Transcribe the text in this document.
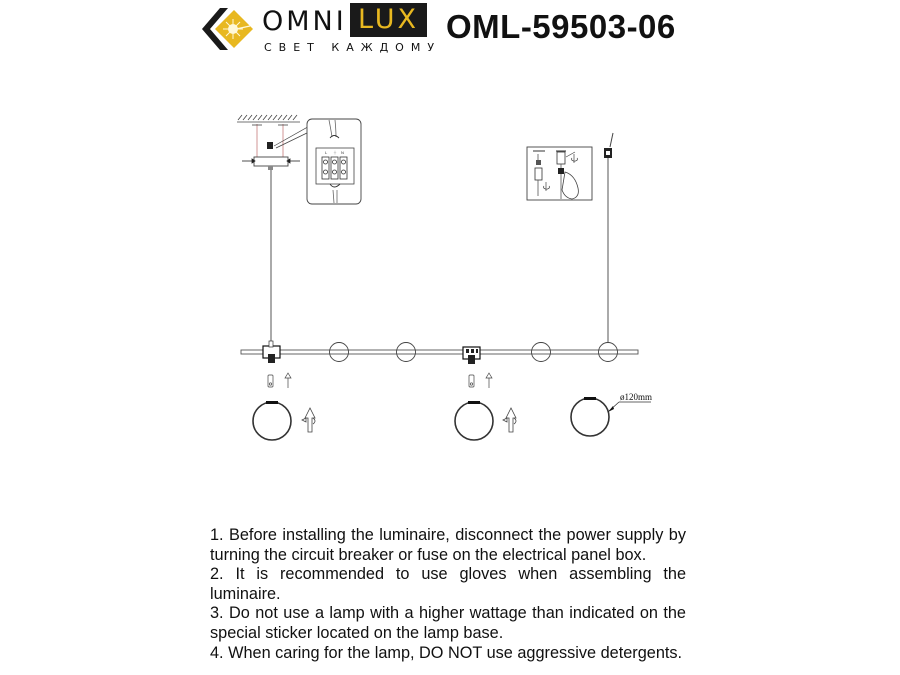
OMNI LUX
СВЕТ КАЖДОМУ
OML-59503-06
L ⏚ N
ø120mm

1. Before installing the luminaire, disconnect the power supply by turning the circuit breaker or fuse on the electrical panel box.

2. It is recommended to use gloves when assembling the luminaire.

3. Do not use a lamp with a higher wattage than indicated on the special sticker located on the lamp base.

4. When caring for the lamp, DO NOT use aggressive detergents.
